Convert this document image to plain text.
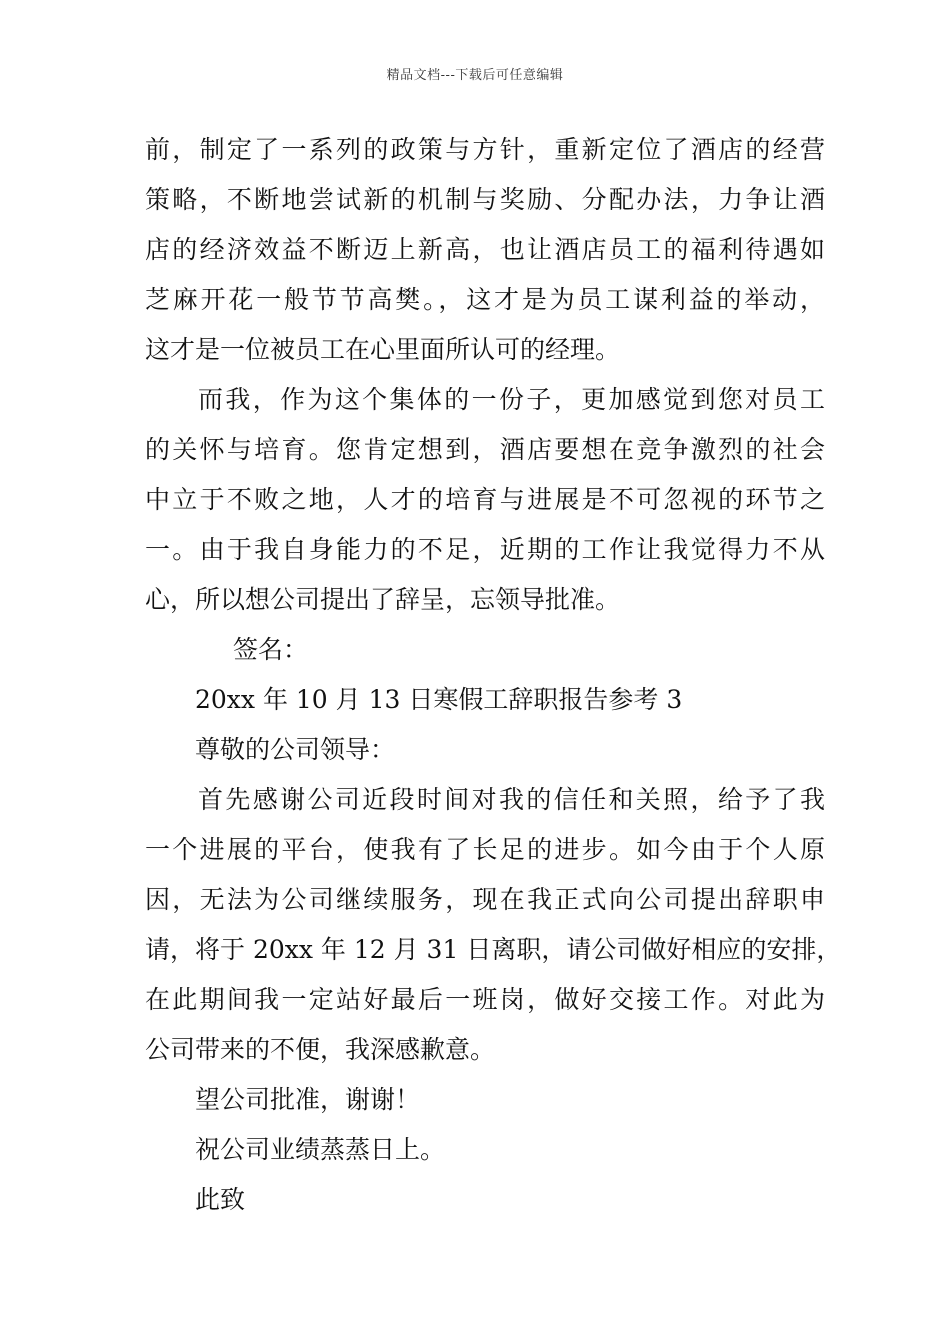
精品文档---下载后可任意编辑
前，制定了一系列的政策与方针，重新定位了酒店的经营
策略，不断地尝试新的机制与奖励、分配办法，力争让酒
店的经济效益不断迈上新高，也让酒店员工的福利待遇如
芝麻开花一般节节高樊。，这才是为员工谋利益的举动，
这才是一位被员工在心里面所认可的经理。
而我，作为这个集体的一份子，更加感觉到您对员工
的关怀与培育。您肯定想到，酒店要想在竞争激烈的社会
中立于不败之地，人才的培育与进展是不可忽视的环节之
一。由于我自身能力的不足，近期的工作让我觉得力不从
心，所以想公司提出了辞呈，忘领导批准。
签名：
20xx 年 10 月 13 日寒假工辞职报告参考 3
尊敬的公司领导：
首先感谢公司近段时间对我的信任和关照，给予了我
一个进展的平台，使我有了长足的进步。如今由于个人原
因，无法为公司继续服务，现在我正式向公司提出辞职申
请，将于 20xx 年 12 月 31 日离职，请公司做好相应的安排，
在此期间我一定站好最后一班岗，做好交接工作。对此为
公司带来的不便，我深感歉意。
望公司批准，谢谢！
祝公司业绩蒸蒸日上。
此致
